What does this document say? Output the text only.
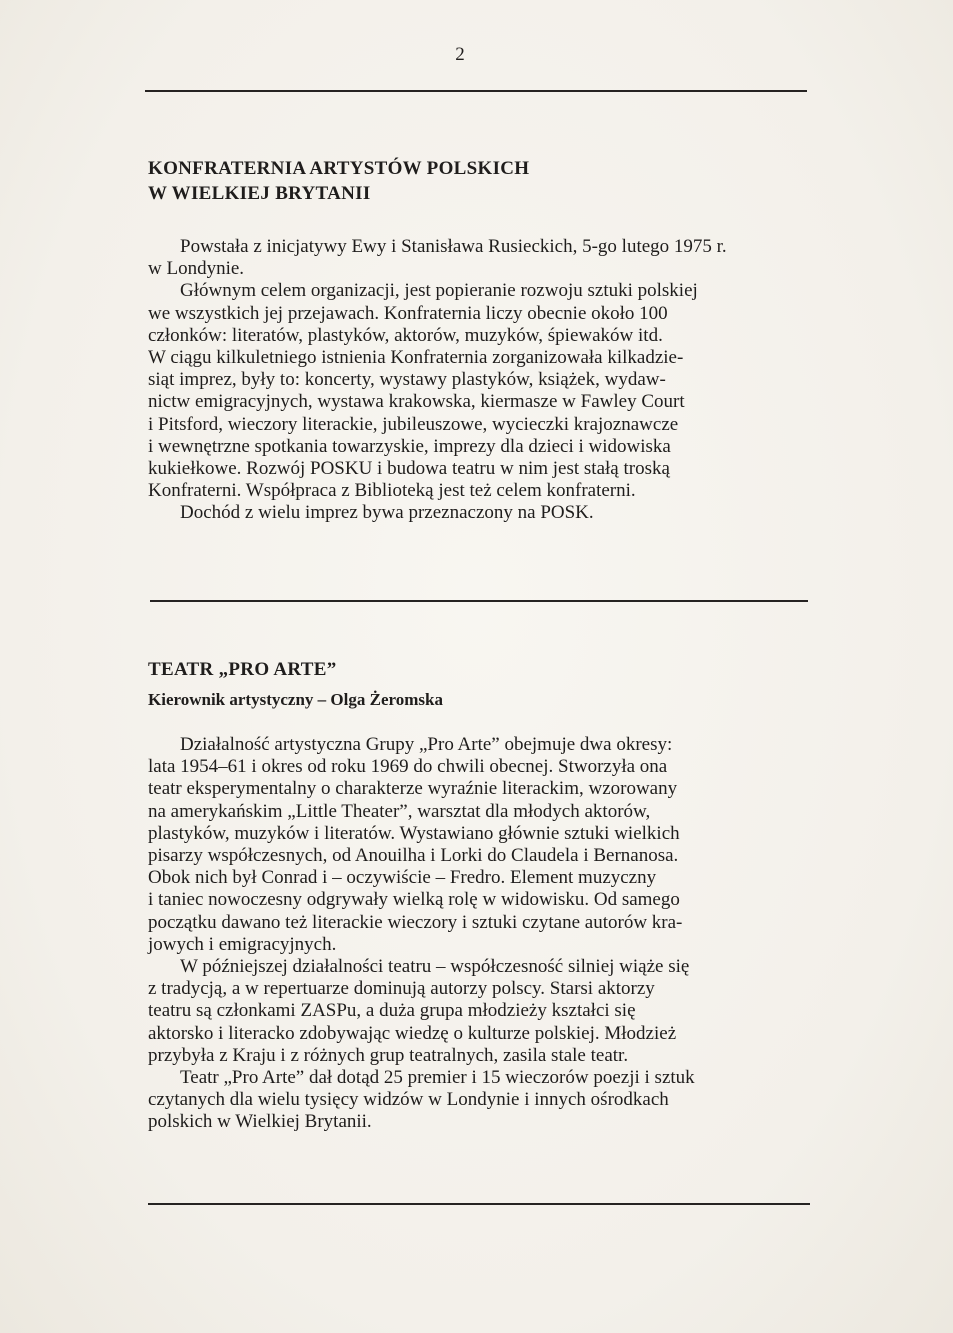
2
KONFRATERNIA ARTYSTÓW POLSKICH
W WIELKIEJ BRYTANII
Powstała z inicjatywy Ewy i Stanisława Rusieckich, 5-go lutego 1975 r.
w Londynie.
Głównym celem organizacji, jest popieranie rozwoju sztuki polskiej
we wszystkich jej przejawach. Konfraternia liczy obecnie około 100
członków: literatów, plastyków, aktorów, muzyków, śpiewaków itd.
W ciągu kilkuletniego istnienia Konfraternia zorganizowała kilkadzie-
siąt imprez, były to: koncerty, wystawy plastyków, książek, wydaw-
nictw emigracyjnych, wystawa krakowska, kiermasze w Fawley Court
i Pitsford, wieczory literackie, jubileuszowe, wycieczki krajoznawcze
i wewnętrzne spotkania towarzyskie, imprezy dla dzieci i widowiska
kukiełkowe. Rozwój POSKU i budowa teatru w nim jest stałą troską
Konfraterni. Współpraca z Biblioteką jest też celem konfraterni.
Dochód z wielu imprez bywa przeznaczony na POSK.
TEATR „PRO ARTE”
Kierownik artystyczny – Olga Żeromska
Działalność artystyczna Grupy „Pro Arte” obejmuje dwa okresy:
lata 1954–61 i okres od roku 1969 do chwili obecnej. Stworzyła ona
teatr eksperymentalny o charakterze wyraźnie literackim, wzorowany
na amerykańskim „Little Theater”, warsztat dla młodych aktorów,
plastyków, muzyków i literatów. Wystawiano głównie sztuki wielkich
pisarzy współczesnych, od Anouilha i Lorki do Claudela i Bernanosa.
Obok nich był Conrad i – oczywiście – Fredro. Element muzyczny
i taniec nowoczesny odgrywały wielką rolę w widowisku. Od samego
początku dawano też literackie wieczory i sztuki czytane autorów kra-
jowych i emigracyjnych.
W późniejszej działalności teatru – współczesność silniej wiąże się
z tradycją, a w repertuarze dominują autorzy polscy. Starsi aktorzy
teatru są członkami ZASPu, a duża grupa młodzieży kształci się
aktorsko i literacko zdobywając wiedzę o kulturze polskiej. Młodzież
przybyła z Kraju i z różnych grup teatralnych, zasila stale teatr.
Teatr „Pro Arte” dał dotąd 25 premier i 15 wieczorów poezji i sztuk
czytanych dla wielu tysięcy widzów w Londynie i innych ośrodkach
polskich w Wielkiej Brytanii.
